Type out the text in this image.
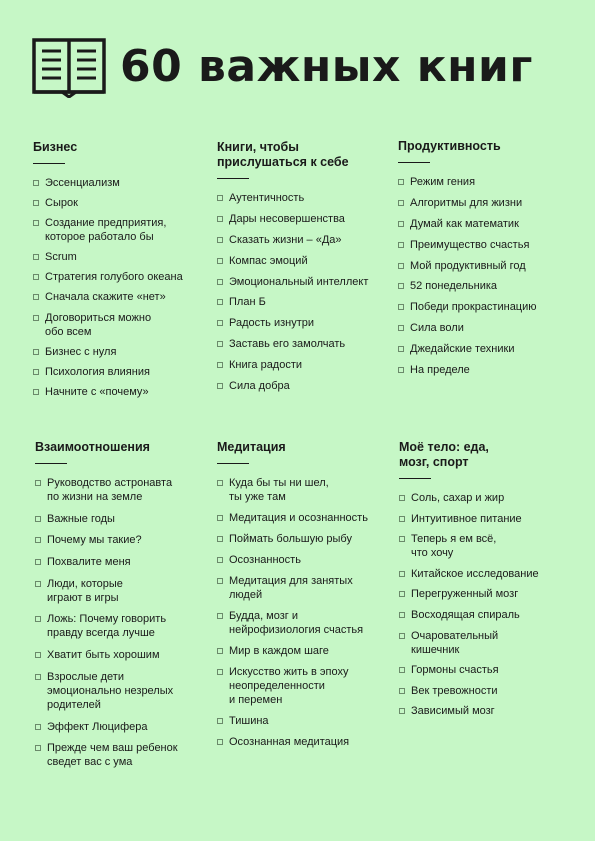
60 важных книг
Бизнес
Эссенциализм
Сырок
Создание предприятия,
которое работало бы
Scrum
Стратегия голубого океана
Сначала скажите «нет»
Договориться можно
обо всем
Бизнес с нуля
Психология влияния
Начните с «почему»
Книги, чтобы
прислушаться к себе
Аутентичность
Дары несовершенства
Сказать жизни – «Да»
Компас эмоций
Эмоциональный интеллект
План Б
Радость изнутри
Заставь его замолчать
Книга радости
Сила добра
Продуктивность
Режим гения
Алгоритмы для жизни
Думай как математик
Преимущество счастья
Мой продуктивный год
52 понедельника
Победи прокрастинацию
Сила воли
Джедайские техники
На пределе
Взаимоотношения
Руководство астронавта
по жизни на земле
Важные годы
Почему мы такие?
Похвалите меня
Люди, которые
играют в игры
Ложь: Почему говорить
правду всегда лучше
Хватит быть хорошим
Взрослые дети
эмоционально незрелых
родителей
Эффект Люцифера
Прежде чем ваш ребенок
сведет вас с ума
Медитация
Куда бы ты ни шел,
ты уже там
Медитация и осознанность
Поймать большую рыбу
Осознанность
Медитация для занятых
людей
Будда, мозг и
нейрофизиология счастья
Мир в каждом шаге
Искусство жить в эпоху
неопределенности
и перемен
Тишина
Осознанная медитация
Моё тело: еда,
мозг, спорт
Соль, сахар и жир
Интуитивное питание
Теперь я ем всё,
что хочу
Китайское исследование
Перегруженный мозг
Восходящая спираль
Очаровательный
кишечник
Гормоны счастья
Век тревожности
Зависимый мозг
